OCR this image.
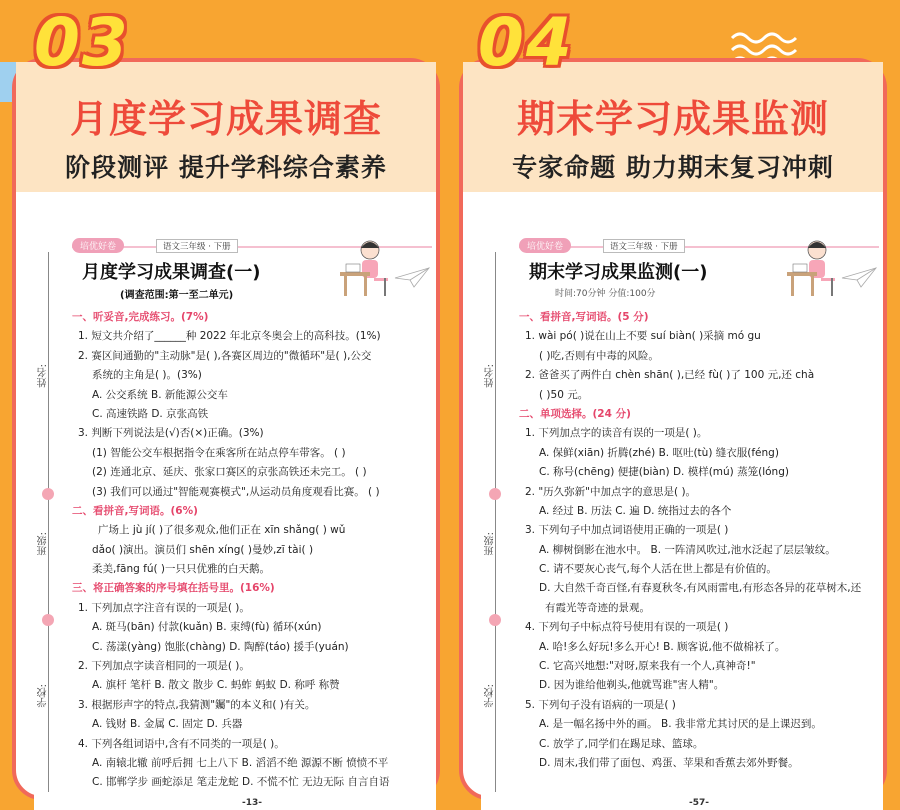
月度学习成果调查
阶段测评 提升学科综合素养
姓名:
班级:
学校:
培优好卷	语文三年级 · 下册
月度学习成果调查(一)
(调查范围:第一至二单元)
一、听妥音,完成练习。(7%)
1. 短文共介绍了______种 2022 年北京冬奥会上的高科技。(1%)
2. 赛区间通勤的"主动脉"是( ),各赛区周边的"微循环"是( ),公交
系统的主角是( )。(3%)
A. 公交系统 B. 新能源公交车
C. 高速铁路 D. 京张高铁
3. 判断下列说法是(√)否(×)正确。(3%)
(1) 智能公交车根据指令在乘客所在站点停车带客。 ( )
(2) 连通北京、延庆、张家口赛区的京张高铁还未完工。 ( )
(3) 我们可以通过"智能观赛模式",从运动员角度观看比赛。 ( )
二、看拼音,写词语。(6%)
广场上 jù jí( )了很多观众,他们正在 xīn shǎng( ) wǔ
dǎo( )演出。演员们 shēn xíng( )曼妙,zī tài( )
柔美,fāng fú( )一只只优雅的白天鹅。
三、将正确答案的序号填在括号里。(16%)
1. 下列加点字注音有误的一项是( )。
A. 斑马(bān) 付款(kuǎn) B. 束缚(fù) 循环(xún)
C. 荡漾(yàng) 饱胀(chàng) D. 陶醉(táo) 援手(yuán)
2. 下列加点字读音相同的一项是( )。
A. 旗杆 笔杆 B. 散文 散步 C. 蚂蚱 蚂蚁 D. 称呼 称赞
3. 根据形声字的特点,我猜测"钃"的本义和( )有关。
A. 钱财 B. 金属 C. 固定 D. 兵器
4. 下列各组词语中,含有不同类的一项是( )。
A. 南辕北辙 前呼后拥 七上八下 B. 滔滔不绝 源源不断 愤愤不平
C. 邯郸学步 画蛇添足 笔走龙蛇 D. 不慌不忙 无边无际 自言自语
-13-
期末学习成果监测
专家命题 助力期末复习冲刺
姓名:
班级:
学校:
培优好卷	语文三年级 · 下册
期末学习成果监测(一)
时间:70分钟 分值:100分
一、看拼音,写词语。(5 分)
1. wài pó( )说在山上不要 suí biàn( )采摘 mó gu
( )吃,否则有中毒的风险。
2. 爸爸买了两件白 chèn shān( ),已经 fù( )了 100 元,还 chà
( )50 元。
二、单项选择。(24 分)
1. 下列加点字的读音有误的一项是( )。
A. 保鲜(xiān) 折腾(zhé) B. 呕吐(tù) 缝衣服(féng)
C. 称号(chēng) 便捷(biàn) D. 模样(mú) 蒸笼(lóng)
2. "历久弥新"中加点字的意思是( )。
A. 经过 B. 历法 C. 遍 D. 统指过去的各个
3. 下列句子中加点词语使用正确的一项是( )
A. 柳树倒影在池水中。 B. 一阵清风吹过,池水泛起了层层皱纹。
C. 请不要灰心丧气,每个人活在世上都是有价值的。
D. 大自然千奇百怪,有春夏秋冬,有风雨雷电,有形态各异的花草树木,还
有霞光等奇迹的景观。
4. 下列句子中标点符号使用有误的一项是( )
A. 哈!多么好玩!多么开心! B. 顾客说,他不做棉袄了。
C. 它高兴地想:"对呀,原来我有一个人,真神奇!"
D. 因为谁给他剃头,他就骂谁"害人精"。
5. 下列句子没有语病的一项是( )
A. 是一幅名扬中外的画。 B. 我非常尤其讨厌的是上课迟到。
C. 放学了,同学们在踢足球、篮球。
D. 周末,我们带了面包、鸡蛋、苹果和香蕉去郊外野餐。
-57-
03	04
